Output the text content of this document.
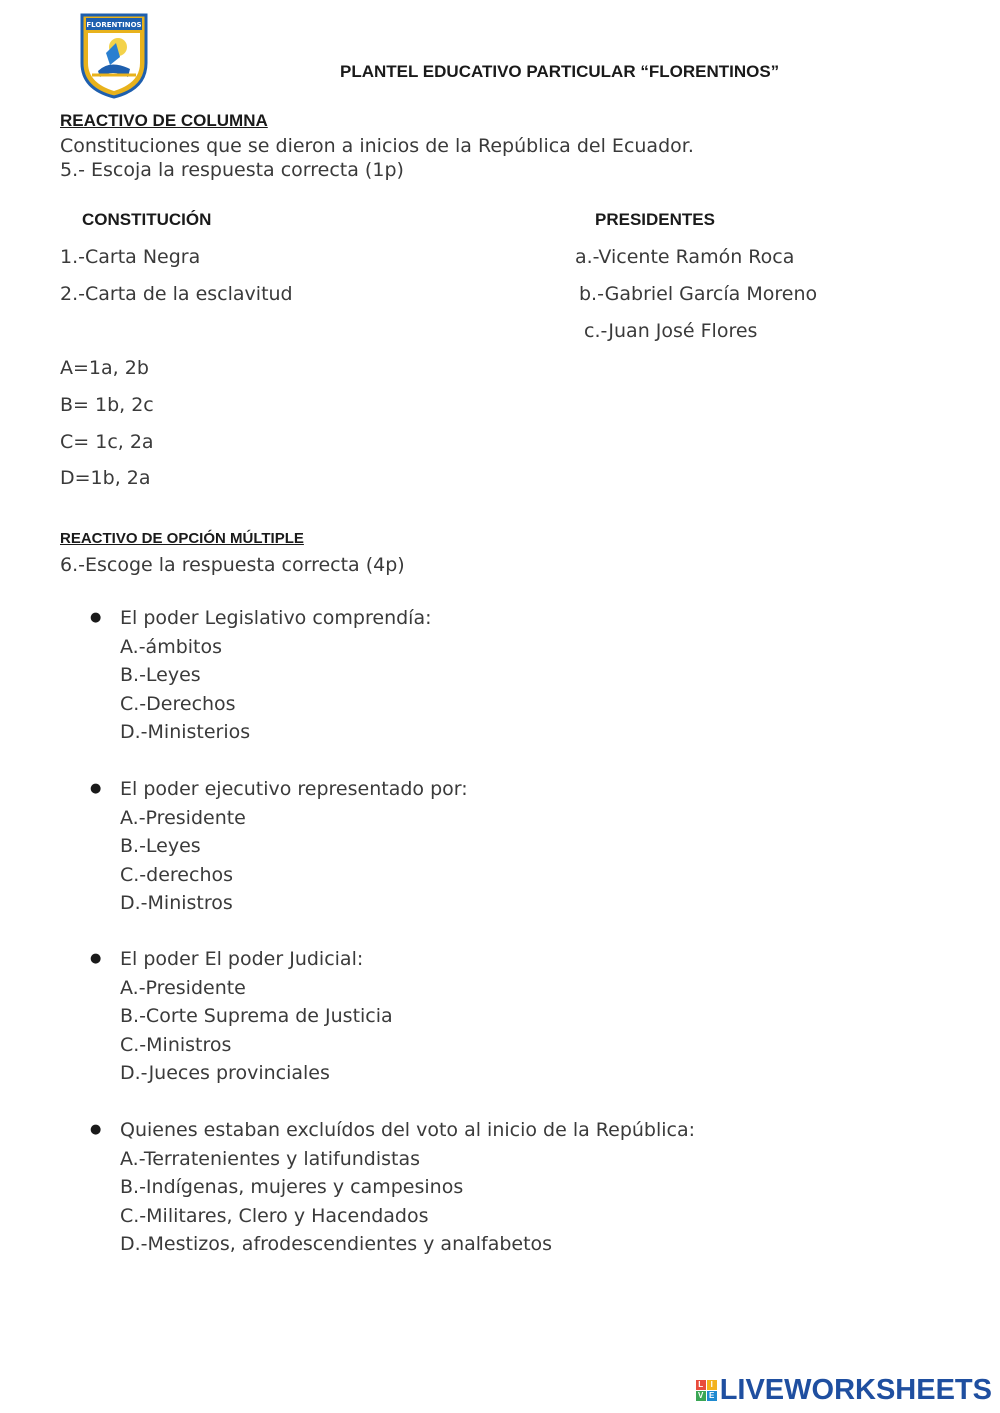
FLORENTINOS
PLANTEL EDUCATIVO PARTICULAR “FLORENTINOS”
REACTIVO DE COLUMNA
Constituciones que se dieron a inicios de la República del Ecuador.
5.- Escoja la respuesta correcta (1p)
CONSTITUCIÓN	PRESIDENTES
1.-Carta Negra
2.-Carta de la esclavitud
a.-Vicente Ramón Roca
b.-Gabriel García Moreno
c.-Juan José Flores
A=1a, 2b
B= 1b, 2c
C= 1c, 2a
D=1b, 2a
REACTIVO DE OPCIÓN MÚLTIPLE
6.-Escoge la respuesta correcta (4p)
● El poder Legislativo comprendía:
A.-ámbitos
B.-Leyes
C.-Derechos
D.-Ministerios
● El poder ejecutivo representado por:
A.-Presidente
B.-Leyes
C.-derechos
D.-Ministros
● El poder El poder Judicial:
A.-Presidente
B.-Corte Suprema de Justicia
C.-Ministros
D.-Jueces provinciales
● Quienes estaban excluídos del voto al inicio de la República:
A.-Terratenientes y latifundistas
B.-Indígenas, mujeres y campesinos
C.-Militares, Clero y Hacendados
D.-Mestizos, afrodescendientes y analfabetos
L I
V E LIVEWORKSHEETS
